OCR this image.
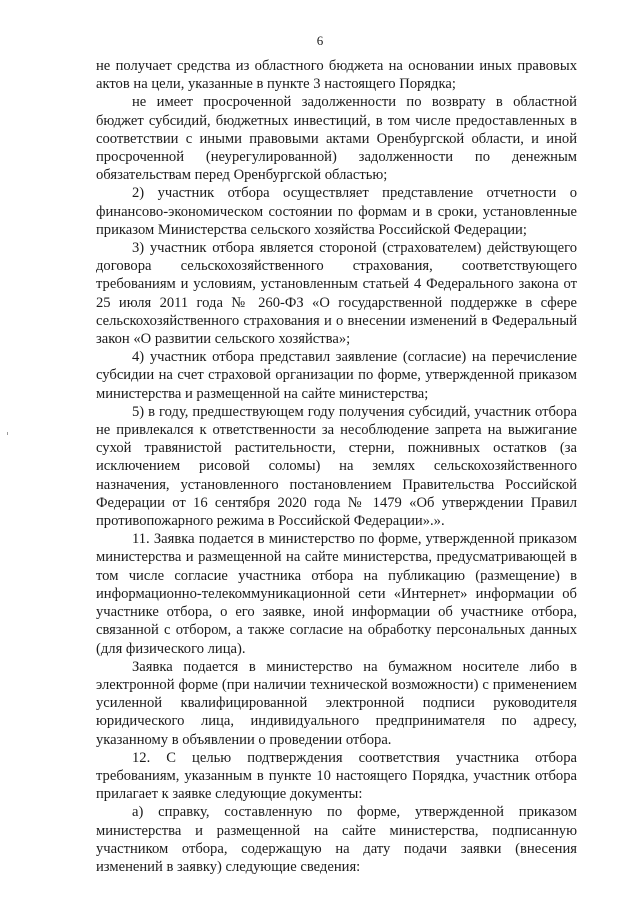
6

не получает средства из областного бюджета на основании иных правовых актов на цели, указанные в пункте 3 настоящего Порядка;

не имеет просроченной задолженности по возврату в областной бюджет субсидий, бюджетных инвестиций, в том числе предоставленных в соответствии с иными правовыми актами Оренбургской области, и иной просроченной (неурегулированной) задолженности по денежным обязательствам перед Оренбургской областью;

2) участник отбора осуществляет представление отчетности о финансово-экономическом состоянии по формам и в сроки, установленные приказом Министерства сельского хозяйства Российской Федерации;

3) участник отбора является стороной (страхователем) действующего договора сельскохозяйственного страхования, соответствующего требованиям и условиям, установленным статьей 4 Федерального закона от 25 июля 2011 года № 260-ФЗ «О государственной поддержке в сфере сельскохозяйственного страхования и о внесении изменений в Федеральный закон «О развитии сельского хозяйства»;

4) участник отбора представил заявление (согласие) на перечисление субсидии на счет страховой организации по форме, утвержденной приказом министерства и размещенной на сайте министерства;

5) в году, предшествующем году получения субсидий, участник отбора не привлекался к ответственности за несоблюдение запрета на выжигание сухой травянистой растительности, стерни, пожнивных остатков (за исключением рисовой соломы) на землях сельскохозяйственного назначения, установленного постановлением Правительства Российской Федерации от 16 сентября 2020 года № 1479 «Об утверждении Правил противопожарного режима в Российской Федерации».».

11. Заявка подается в министерство по форме, утвержденной приказом министерства и размещенной на сайте министерства, предусматривающей в том числе согласие участника отбора на публикацию (размещение) в информационно-телекоммуникационной сети «Интернет» информации об участнике отбора, о его заявке, иной информации об участнике отбора, связанной с отбором, а также согласие на обработку персональных данных (для физического лица).

Заявка подается в министерство на бумажном носителе либо в электронной форме (при наличии технической возможности) с применением усиленной квалифицированной электронной подписи руководителя юридического лица, индивидуального предпринимателя по адресу, указанному в объявлении о проведении отбора.

12. С целью подтверждения соответствия участника отбора требованиям, указанным в пункте 10 настоящего Порядка, участник отбора прилагает к заявке следующие документы:

а) справку, составленную по форме, утвержденной приказом министерства и размещенной на сайте министерства, подписанную участником отбора, содержащую на дату подачи заявки (внесения изменений в заявку) следующие сведения:
